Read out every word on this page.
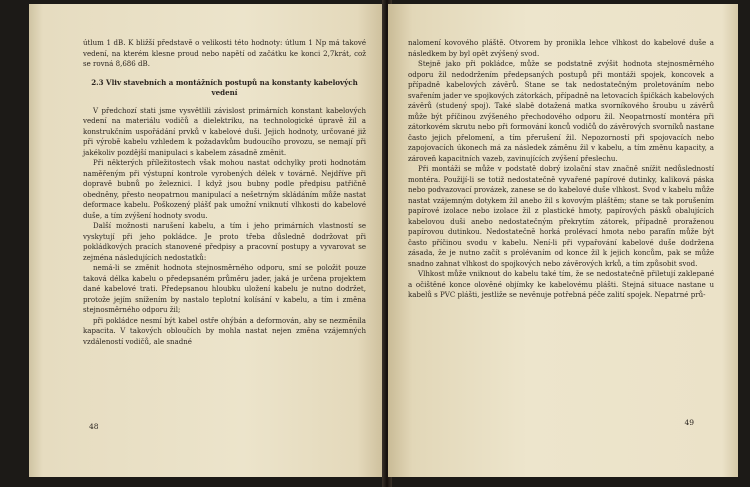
útlum 1 dB. K bližší představě o velikosti této hodnoty: útlum 1 Np má takové vedení, na kterém klesne proud nebo napětí od začátku ke konci 2,7krát, což se rovná 8,686 dB.

2.3 Vliv stavebních a montážních postupů na konstanty kabelových vedení

V předchozí stati jsme vysvětlili závislost primárních konstant kabelových vedení na materiálu vodičů a dielektriku, na technologické úpravě žil a konstrukčním uspořádání prvků v kabelové duši. Jejich hodnoty, určované již při výrobě kabelu vzhledem k požadavkům budoucího provozu, se nemají při jakékoliv pozdější manipulaci s kabelem zásadně změnit.

Při některých příležitostech však mohou nastat odchylky proti hodnotám naměřeným při výstupní kontrole vyrobených délek v továrně. Nejdříve při dopravě bubnů po železnici. I když jsou bubny podle předpisu patřičně obedněny, přesto neopatrnou manipulací a nešetrným skládáním může nastat deformace kabelu. Poškozený plášť pak umožní vniknutí vlhkosti do kabelové duše, a tím zvýšení hodnoty svodu.

Další možnosti narušení kabelu, a tím i jeho primárních vlastností se vyskytují při jeho pokládce. Je proto třeba důsledně dodržovat při pokládkových pracích stanovené předpisy a pracovní postupy a vyvarovat se zejména následujících nedostatků:

nemá-li se změnit hodnota stejnosměrného odporu, smí se položit pouze taková délka kabelu o předepsaném průměru jader, jaká je určena projektem dané kabelové trati. Předepsanou hloubku uložení kabelu je nutno dodržet, protože jejím snížením by nastalo teplotní kolísání v kabelu, a tím i změna stejnosměrného odporu žil;

při pokládce nesmí být kabel ostře ohýbán a deformován, aby se nezměnila kapacita. V takových obloučích by mohla nastat nejen změna vzájemných vzdáleností vodičů, ale snadné

48

nalomení kovového pláště. Otvorem by pronikla lehce vlhkost do kabelové duše a následkem by byl opět zvýšený svod.

Stejně jako při pokládce, může se podstatně zvýšit hodnota stejnosměrného odporu žil nedodržením předepsaných postupů při montáži spojek, koncovek a případně kabelových závěrů. Stane se tak nedostatečným proletováním nebo svařením jader ve spojkových zátorkách, případně na letovacích špičkách kabelových závěrů (studený spoj). Také slabě dotažená matka svorníkového šroubu u závěrů může být příčinou zvýšeného přechodového odporu žil. Neopatrností montéra při zátorkovém skrutu nebo při formování konců vodičů do závěrových svorníků nastane často jejich přelomení, a tím přerušení žil. Nepozorností při spojovacích nebo zapojovacích úkonech má za následek záměnu žil v kabelu, a tím změnu kapacity, a zároveň kapacitních vazeb, zavinujících zvýšení přeslechu.

Při montáži se může v podstatě dobrý izolační stav značně snížit nedůsledností montéra. Použijí-li se totiž nedostatečně vyvařené papírové dutinky, kaliková páska nebo podvazovací provázek, zanese se do kabelové duše vlhkost. Svod v kabelu může nastat vzájemným dotykem žil anebo žil s kovovým pláštěm; stane se tak porušením papírové izolace nebo izolace žil z plastické hmoty, papírových pásků obalujících kabelovou duši anebo nedostatečným překrytím zátorek, případně proraženou papírovou dutinkou. Nedostatečně horká prolévací hmota nebo parafín může být často příčinou svodu v kabelu. Není-li při vypařování kabelové duše dodržena zásada, že je nutno začít s prolévaním od konce žil k jejich koncům, pak se může snadno zahnat vlhkost do spojkových nebo závěrových krků, a tím způsobit svod.

Vlhkost může vniknout do kabelu také tím, že se nedostatečně přiletují zaklepané a očištěné konce olověné objímky ke kabelovému plášti. Stejná situace nastane u kabelů s PVC plášti, jestliže se nevěnuje potřebná péče zalití spojek. Nepatrné prů-

49
